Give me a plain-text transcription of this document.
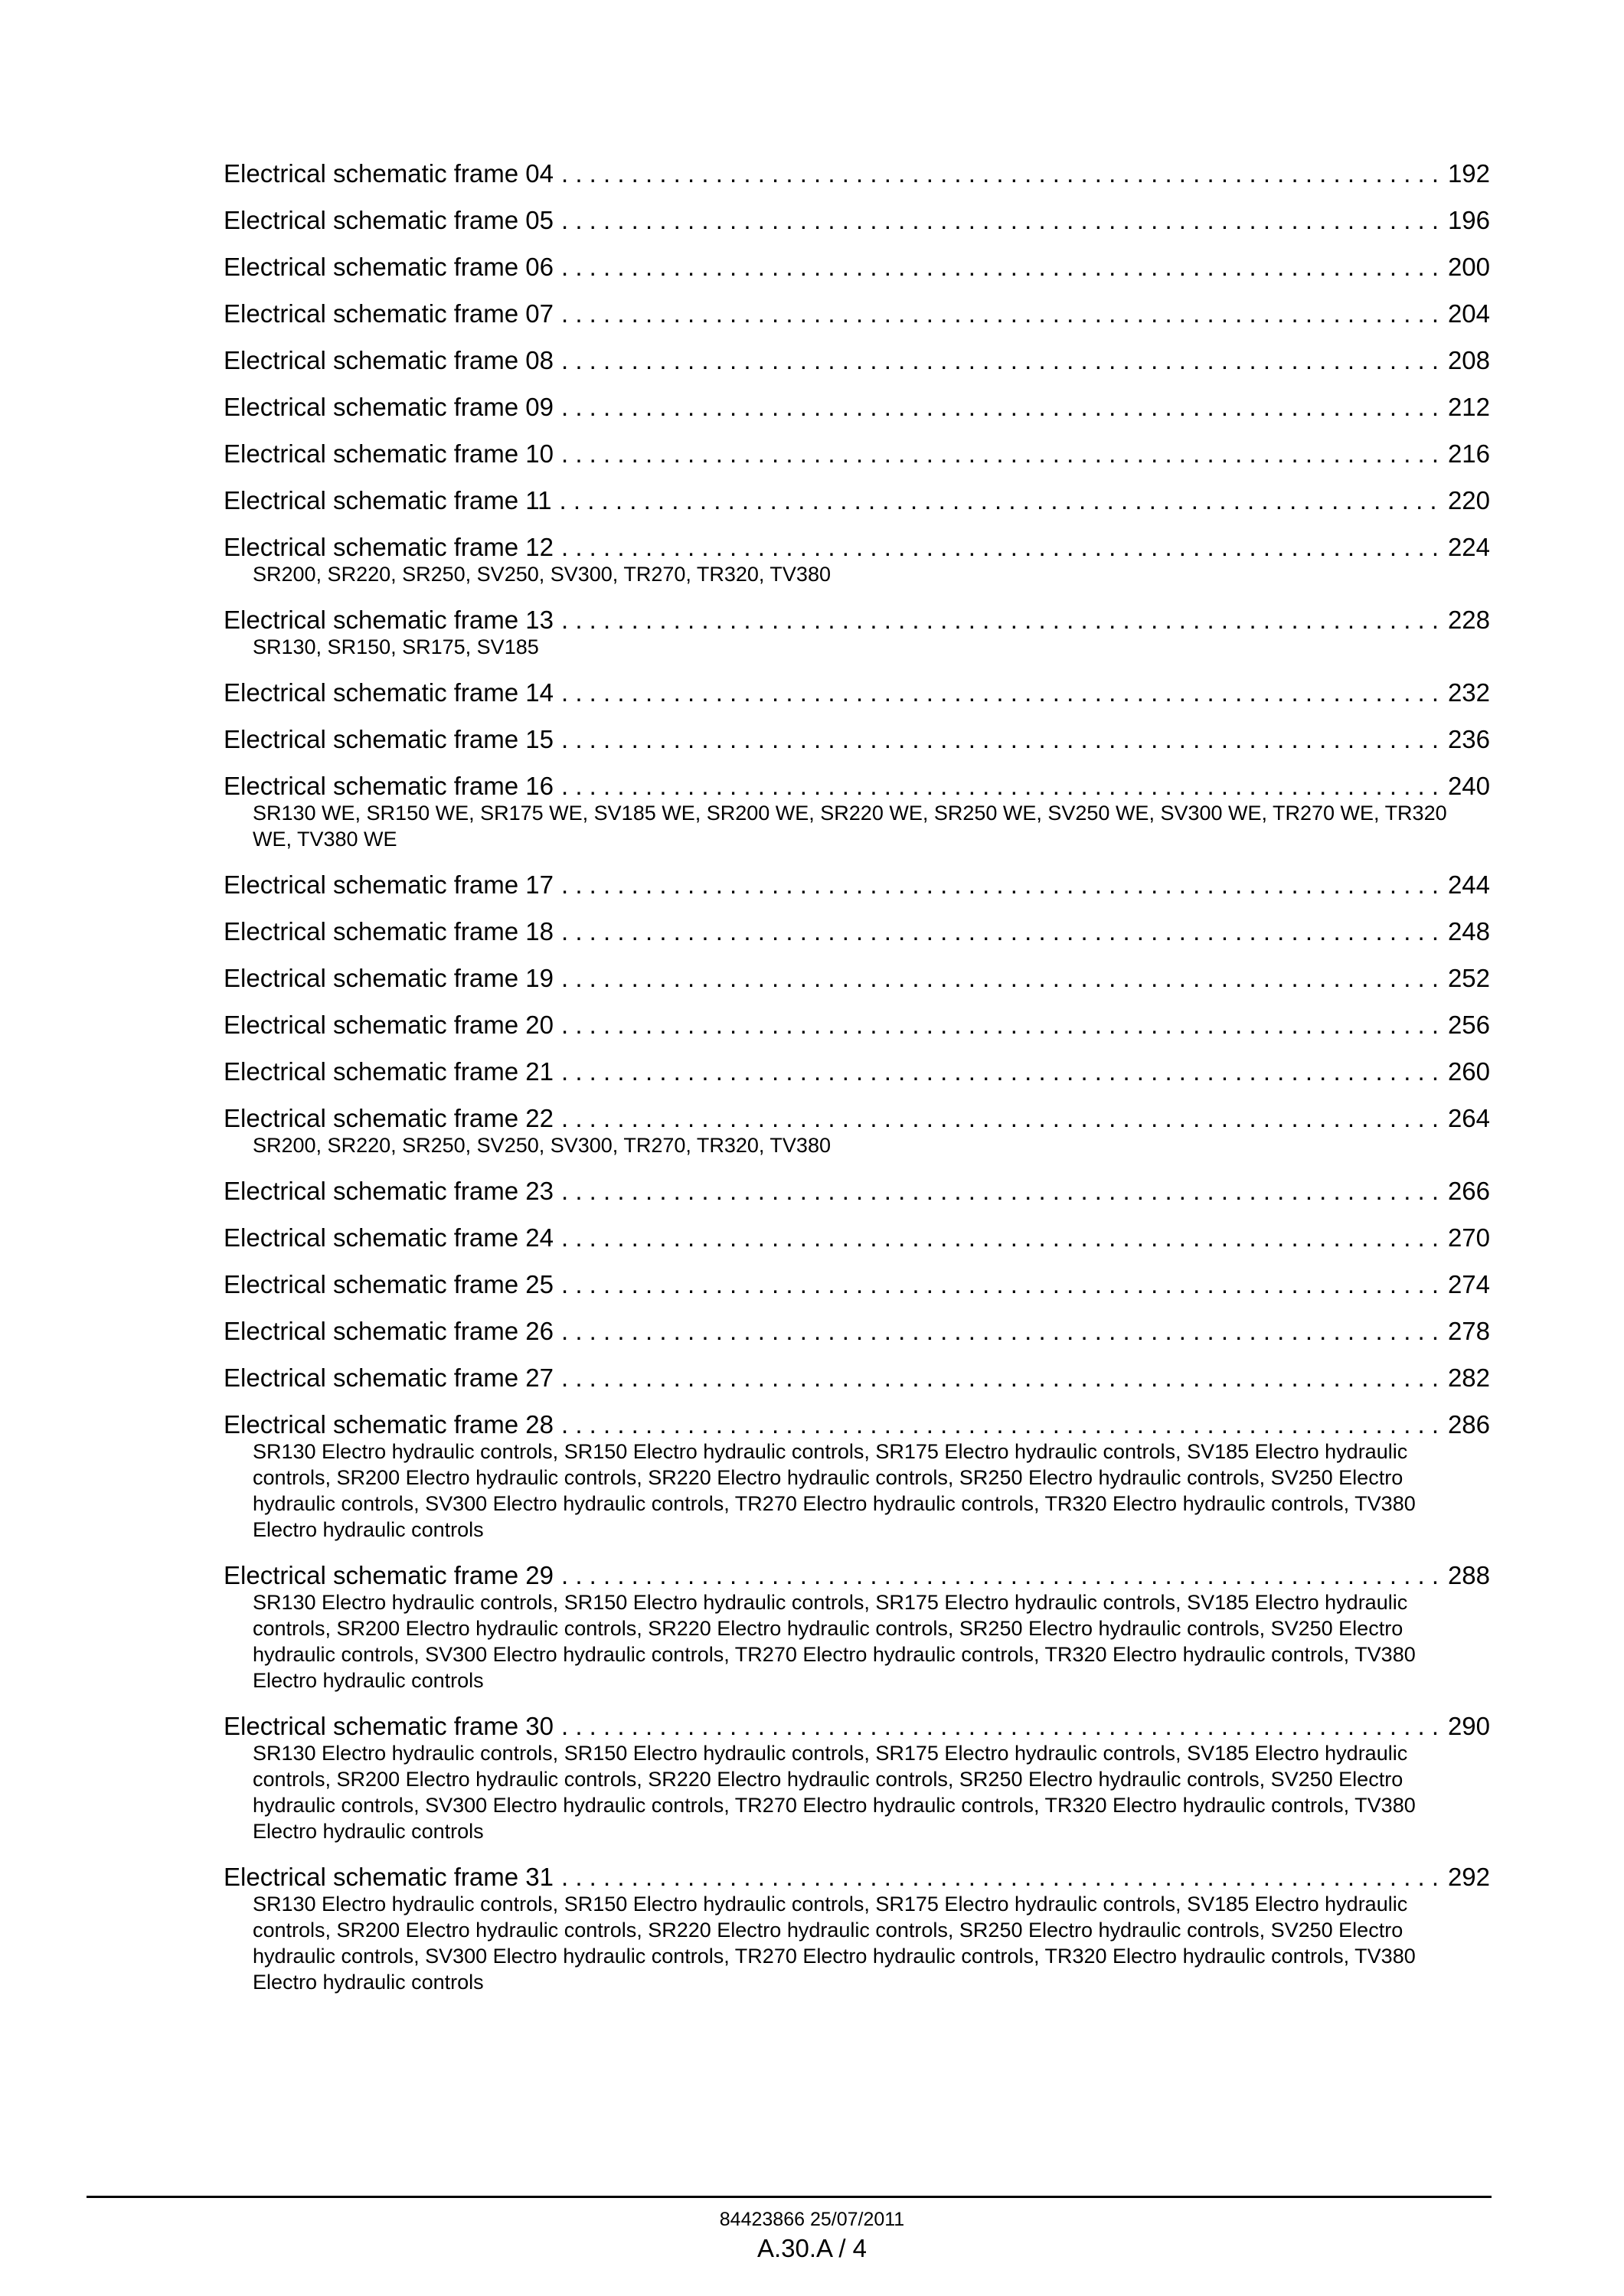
Electrical schematic frame 04 . . .	192
Electrical schematic frame 05 . . .	196
Electrical schematic frame 06 . . .	200
Electrical schematic frame 07 . . .	204
Electrical schematic frame 08 . . .	208
Electrical schematic frame 09 . . .	212
Electrical schematic frame 10 . . .	216
Electrical schematic frame 11 . . .	220
Electrical schematic frame 12 . . .	224
SR200, SR220, SR250, SV250, SV300, TR270, TR320, TV380
Electrical schematic frame 13 . . .	228
SR130, SR150, SR175, SV185
Electrical schematic frame 14 . . .	232
Electrical schematic frame 15 . . .	236
Electrical schematic frame 16 . . .	240
SR130 WE, SR150 WE, SR175 WE, SV185 WE, SR200 WE, SR220 WE, SR250 WE, SV250 WE, SV300 WE, TR270 WE, TR320 WE, TV380 WE
Electrical schematic frame 17 . . .	244
Electrical schematic frame 18 . . .	248
Electrical schematic frame 19 . . .	252
Electrical schematic frame 20 . . .	256
Electrical schematic frame 21 . . .	260
Electrical schematic frame 22 . . .	264
SR200, SR220, SR250, SV250, SV300, TR270, TR320, TV380
Electrical schematic frame 23 . . .	266
Electrical schematic frame 24 . . .	270
Electrical schematic frame 25 . . .	274
Electrical schematic frame 26 . . .	278
Electrical schematic frame 27 . . .	282
Electrical schematic frame 28 . . .	286
SR130 Electro hydraulic controls, SR150 Electro hydraulic controls, SR175 Electro hydraulic controls, SV185 Electro hydraulic controls, SR200 Electro hydraulic controls, SR220 Electro hydraulic controls, SR250 Electro hydraulic controls, SV250 Electro hydraulic controls, SV300 Electro hydraulic controls, TR270 Electro hydraulic controls, TR320 Electro hydraulic controls, TV380 Electro hydraulic controls
Electrical schematic frame 29 . . .	288
SR130 Electro hydraulic controls, SR150 Electro hydraulic controls, SR175 Electro hydraulic controls, SV185 Electro hydraulic controls, SR200 Electro hydraulic controls, SR220 Electro hydraulic controls, SR250 Electro hydraulic controls, SV250 Electro hydraulic controls, SV300 Electro hydraulic controls, TR270 Electro hydraulic controls, TR320 Electro hydraulic controls, TV380 Electro hydraulic controls
Electrical schematic frame 30 . . .	290
SR130 Electro hydraulic controls, SR150 Electro hydraulic controls, SR175 Electro hydraulic controls, SV185 Electro hydraulic controls, SR200 Electro hydraulic controls, SR220 Electro hydraulic controls, SR250 Electro hydraulic controls, SV250 Electro hydraulic controls, SV300 Electro hydraulic controls, TR270 Electro hydraulic controls, TR320 Electro hydraulic controls, TV380 Electro hydraulic controls
Electrical schematic frame 31 . . .	292
SR130 Electro hydraulic controls, SR150 Electro hydraulic controls, SR175 Electro hydraulic controls, SV185 Electro hydraulic controls, SR200 Electro hydraulic controls, SR220 Electro hydraulic controls, SR250 Electro hydraulic controls, SV250 Electro hydraulic controls, SV300 Electro hydraulic controls, TR270 Electro hydraulic controls, TR320 Electro hydraulic controls, TV380 Electro hydraulic controls
84423866 25/07/2011
A.30.A / 4
